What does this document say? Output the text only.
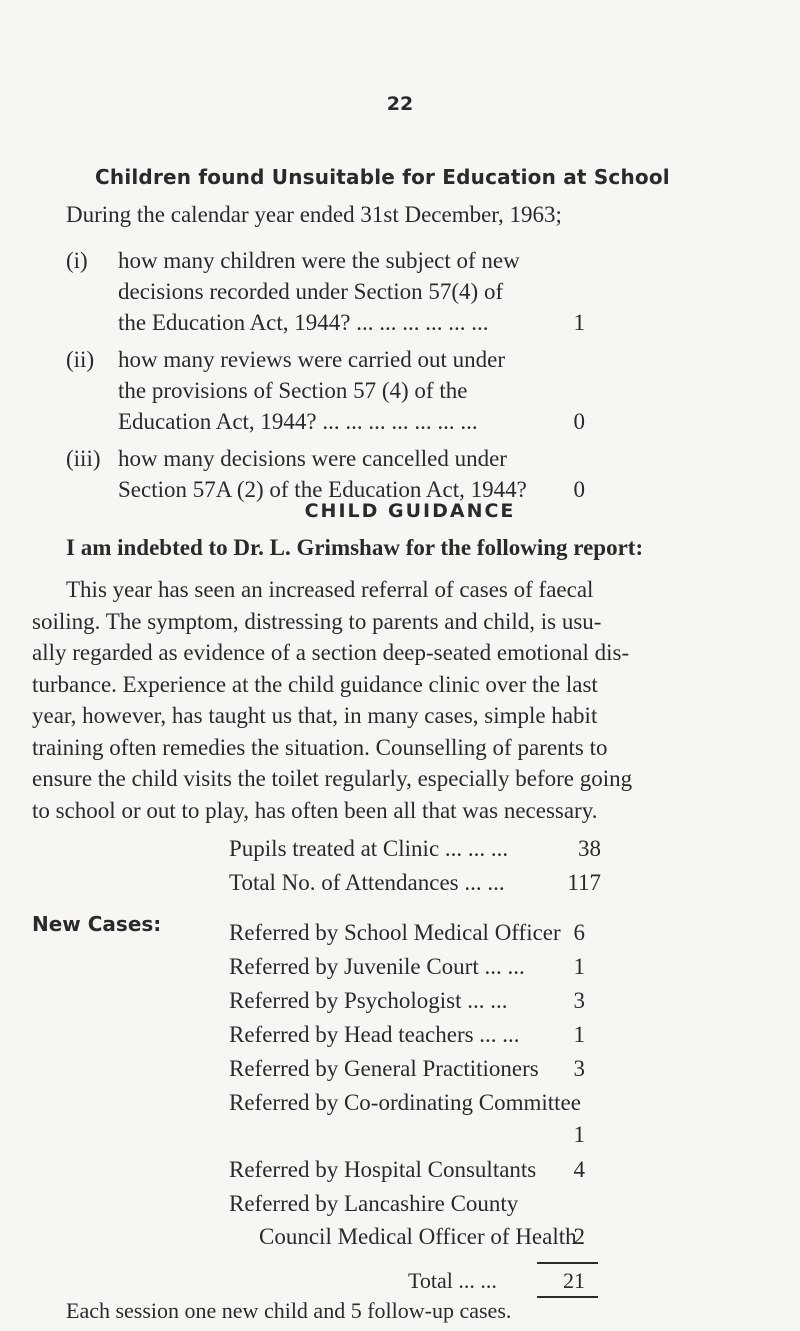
22
Children found Unsuitable for Education at School
During the calendar year ended 31st December, 1963;
(i) how many children were the subject of new
decisions recorded under Section 57(4) of
the Education Act, 1944? ... ... ... ... ... ...	1
(ii) how many reviews were carried out under
the provisions of Section 57 (4) of the
Education Act, 1944? ... ... ... ... ... ... ...	0
(iii) how many decisions were cancelled under
Section 57A (2) of the Education Act, 1944? 0
CHILD GUIDANCE
I am indebted to Dr. L. Grimshaw for the following report:
This year has seen an increased referral of cases of faecal
soiling. The symptom, distressing to parents and child, is usu-
ally regarded as evidence of a section deep-seated emotional dis-
turbance. Experience at the child guidance clinic over the last
year, however, has taught us that, in many cases, simple habit
training often remedies the situation. Counselling of parents to
ensure the child visits the toilet regularly, especially before going
to school or out to play, has often been all that was necessary.
Pupils treated at Clinic ... ... ...	38
Total No. of Attendances ... ...	117
New Cases:	Referred by School Medical Officer 6
Referred by Juvenile Court ... ...	1
Referred by Psychologist ... ...	3
Referred by Head teachers ... ...	1
Referred by General Practitioners	3
Referred by Co-ordinating Committee
1
Referred by Hospital Consultants	4
Referred by Lancashire County
Council Medical Officer of Health
2
Total ... ...	21
Each session one new child and 5 follow-up cases.
